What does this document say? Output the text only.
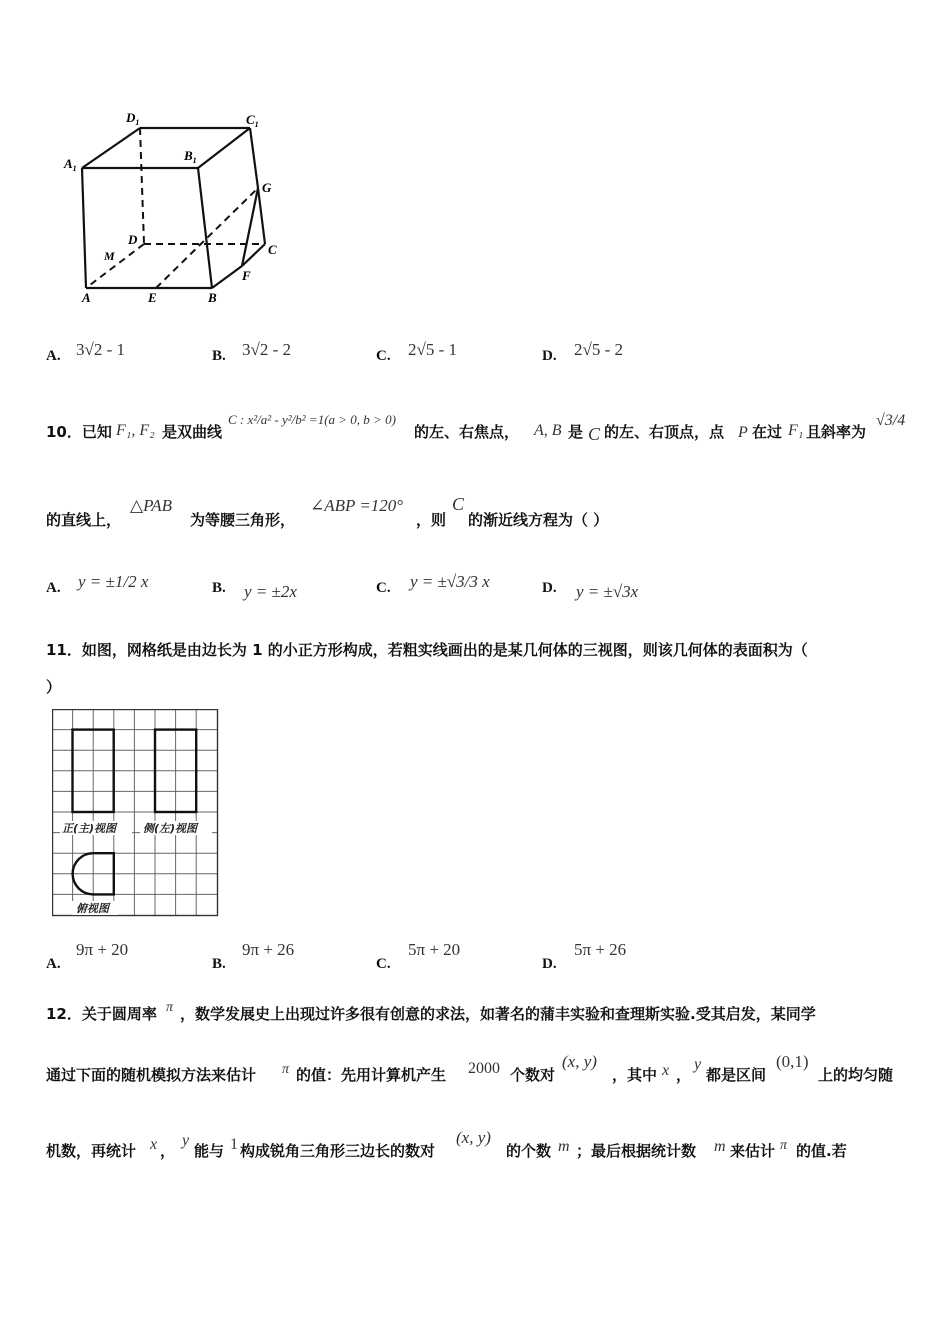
$D_1$	$C_1$
$A_1$
$B_1$
G
D
C
M
F
A	E	B
A. 3√2 - 1	B. 3√2 - 2	C. 2√5 - 1	D. 2√5 - 2
10．已知 F₁, F₂ 是双曲线
C : x²/a² - y²/b² =1(a > 0, b > 0)
的左、右焦点， A, B 是 C 的左、右顶点，点 P 在过 F₁ 且斜率为
√3/4
的直线上，
△PAB
为等腰三角形，
∠ABP =120°
，则
C
的渐近线方程为（ ）
A. y = ±1/2 x	B. y = ±2x	C. y = ±√3/3 x	D. y = ±√3x
11．如图，网格纸是由边长为 1 的小正方形构成，若粗实线画出的是某几何体的三视图，则该几何体的表面积为（
）
正(主)视图 侧(左)视图
俯视图
A.
9π + 20
B.
9π + 26
C.
5π + 20
D.
5π + 26
12．关于圆周率 π ，数学发展史上出现过许多很有创意的求法，如著名的蒲丰实验和查理斯实验.受其启发，某同学
通过下面的随机模拟方法来估计 π 的值：先用计算机产生 2000 个数对
(x, y)
，其中 x ，
y
都是区间
(0,1)
上的均匀随
机数，再统计 x ，
y
能与 1 构成锐角三角形三边长的数对
(x, y)
的个数 m ；最后根据统计数 m 来估计 π 的值.若
